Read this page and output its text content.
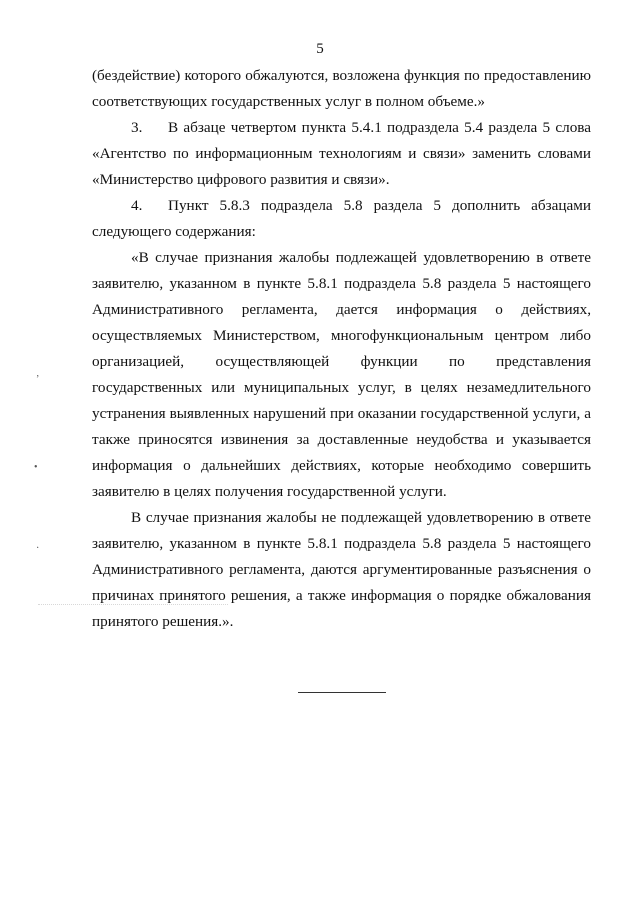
5

(бездействие) которого обжалуются, возложена функция по предоставлению соответствующих государственных услуг в полном объеме.»

3. В абзаце четвертом пункта 5.4.1 подраздела 5.4 раздела 5 слова «Агентство по информационным технологиям и связи» заменить словами «Министерство цифрового развития и связи».

4. Пункт 5.8.3 подраздела 5.8 раздела 5 дополнить абзацами следующего содержания:

«В случае признания жалобы подлежащей удовлетворению в ответе заявителю, указанном в пункте 5.8.1 подраздела 5.8 раздела 5 настоящего Административного регламента, дается информация о действиях, осуществляемых Министерством, многофункциональным центром либо организацией, осуществляющей функции по представления государственных или муниципальных услуг, в целях незамедлительного устранения выявленных нарушений при оказании государственной услуги, а также приносятся извинения за доставленные неудобства и указывается информация о дальнейших действиях, которые необходимо совершить заявителю в целях получения государственной услуги.

В случае признания жалобы не подлежащей удовлетворению в ответе заявителю, указанном в пункте 5.8.1 подраздела 5.8 раздела 5 настоящего Административного регламента, даются аргументированные разъяснения о причинах принятого решения, а также информация о порядке обжалования принятого решения.».

’
•
․
